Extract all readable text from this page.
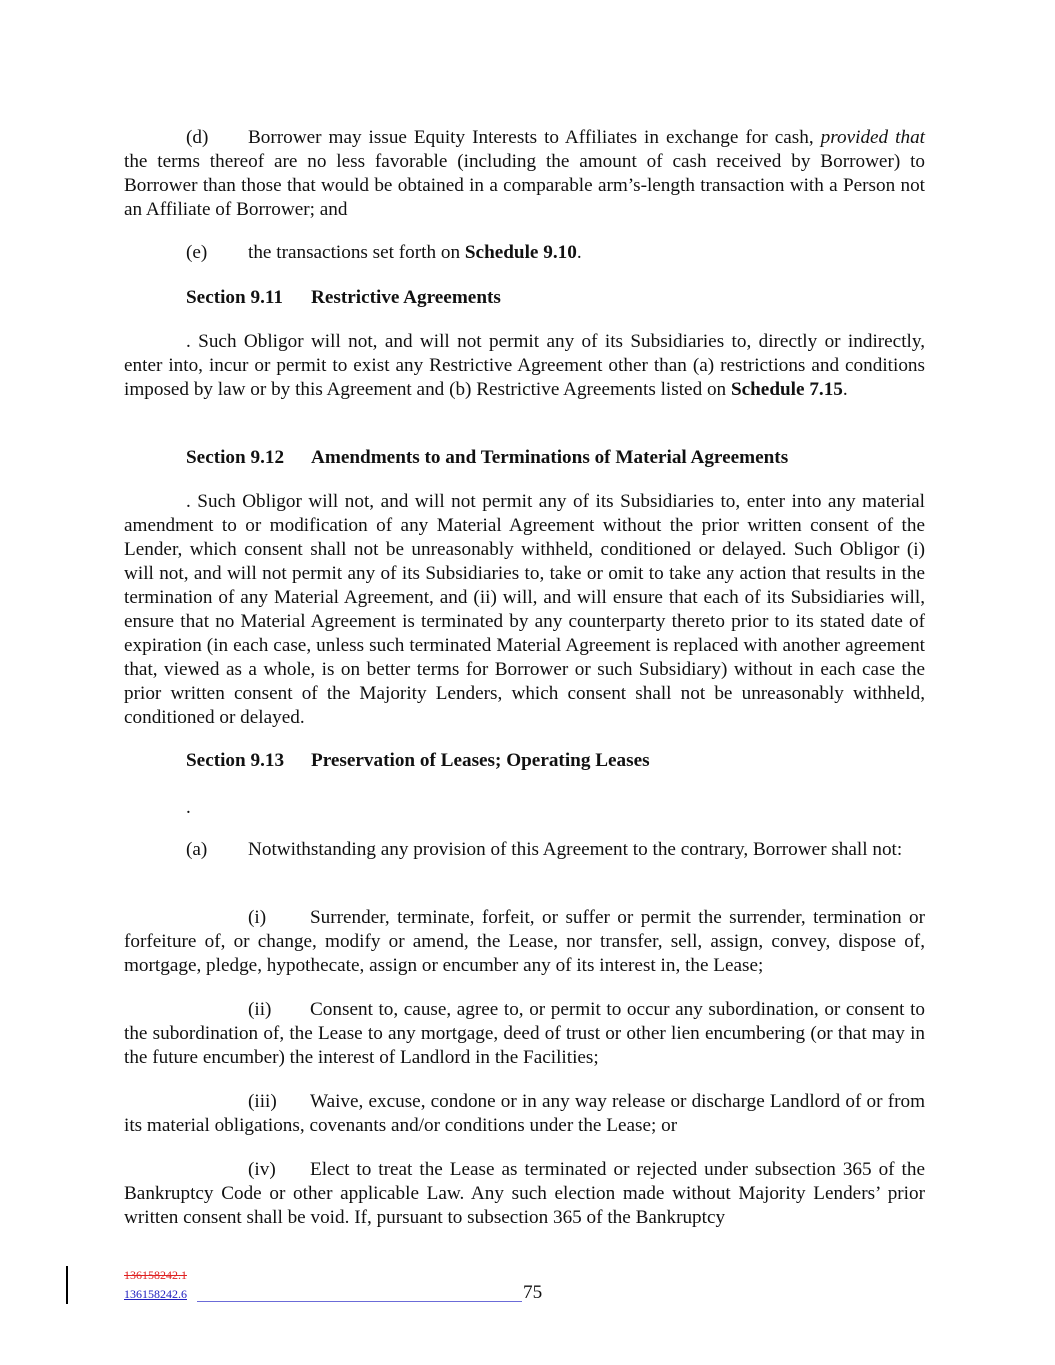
(d) Borrower may issue Equity Interests to Affiliates in exchange for cash, provided that the terms thereof are no less favorable (including the amount of cash received by Borrower) to Borrower than those that would be obtained in a comparable arm’s-length transaction with a Person not an Affiliate of Borrower; and

(e) the transactions set forth on Schedule 9.10.

Section 9.11 Restrictive Agreements

. Such Obligor will not, and will not permit any of its Subsidiaries to, directly or indirectly, enter into, incur or permit to exist any Restrictive Agreement other than (a) restrictions and conditions imposed by law or by this Agreement and (b) Restrictive Agreements listed on Schedule 7.15.

Section 9.12 Amendments to and Terminations of Material Agreements

. Such Obligor will not, and will not permit any of its Subsidiaries to, enter into any material amendment to or modification of any Material Agreement without the prior written consent of the Lender, which consent shall not be unreasonably withheld, conditioned or delayed. Such Obligor (i) will not, and will not permit any of its Subsidiaries to, take or omit to take any action that results in the termination of any Material Agreement, and (ii) will, and will ensure that each of its Subsidiaries will, ensure that no Material Agreement is terminated by any counterparty thereto prior to its stated date of expiration (in each case, unless such terminated Material Agreement is replaced with another agreement that, viewed as a whole, is on better terms for Borrower or such Subsidiary) without in each case the prior written consent of the Majority Lenders, which consent shall not be unreasonably withheld, conditioned or delayed.

Section 9.13 Preservation of Leases; Operating Leases

.

(a) Notwithstanding any provision of this Agreement to the contrary, Borrower shall not:

(i) Surrender, terminate, forfeit, or suffer or permit the surrender, termination or forfeiture of, or change, modify or amend, the Lease, nor transfer, sell, assign, convey, dispose of, mortgage, pledge, hypothecate, assign or encumber any of its interest in, the Lease;

(ii) Consent to, cause, agree to, or permit to occur any subordination, or consent to the subordination of, the Lease to any mortgage, deed of trust or other lien encumbering (or that may in the future encumber) the interest of Landlord in the Facilities;

(iii) Waive, excuse, condone or in any way release or discharge Landlord of or from its material obligations, covenants and/or conditions under the Lease; or

(iv) Elect to treat the Lease as terminated or rejected under subsection 365 of the Bankruptcy Code or other applicable Law. Any such election made without Majority Lenders’ prior written consent shall be void. If, pursuant to subsection 365 of the Bankruptcy

136158242.1
136158242.6	75
